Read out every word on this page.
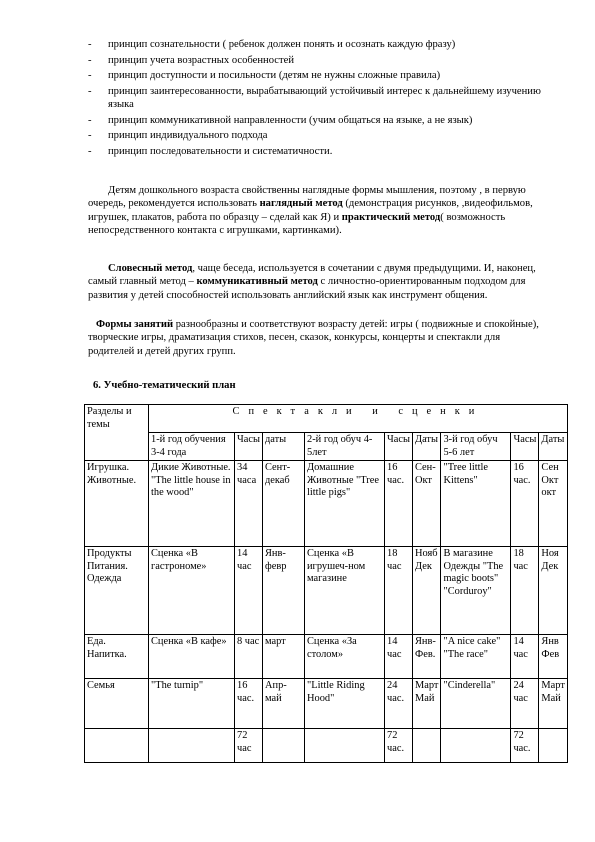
- принцип сознательности ( ребенок должен понять и осознать каждую фразу)
- принцип учета возрастных особенностей
- принцип доступности и посильности (детям не нужны сложные правила)
- принцип заинтересованности, вырабатывающий устойчивый интерес к дальнейшему изучению языка
- принцип коммуникативной направленности (учим общаться на языке, а не язык)
- принцип индивидуального подхода
- принцип последовательности и систематичности.

Детям дошкольного возраста свойственны наглядные формы мышления, поэтому , в первую очередь, рекомендуется использовать наглядный метод (демонстрация рисунков, ,видеофильмов, игрушек, плакатов, работа по образцу – сделай как Я) и практический метод( возможность непосредственного контакта с игрушками, картинками).

Словесный метод, чаще беседа, используется в сочетании с двумя предыдущими. И, наконец, самый главный метод – коммуникативный метод с личностно-ориентированным подходом для развития у детей способностей использовать английский язык как инструмент общения.

Формы занятий разнообразны и соответствуют возрасту детей: игры ( подвижные и спокойные), творческие игры, драматизация стихов, песен, сказок, конкурсы, концерты и спектакли для родителей и детей других групп.

6. Учебно-тематический план

Разделы и темы	Спектакли и сценки								
	1-й год обучения 3-4 года	Часы	даты	2-й год обуч 4-5лет	Часы	Даты	3-й год обуч 5-6 лет	Часы	Даты
Игрушка. Животные.	Дикие Животные. "The little house in the wood"	34 часа	Сент-декаб	Домашние Животные "Tree little pigs"	16 час.	Сен-Окт	"Tree little Kittens"	16 час.	Сен Окт окт
Продукты Питания. Одежда	Сценка «В гастрономе»	14 час	Янв-февр	Сценка «В игрушеч-ном магазине	18 час	Нояб Дек	В магазине Одежды "The magic boots" "Corduroy"	18 час	Ноя Дек
Еда. Напитка.	Сценка «В кафе»	8 час	март	Сценка «За столом»	14 час	Янв-Фев.	"A nice cake" "The race"	14 час	Янв Фев
Семья	"The turnip"	16 час.	Апр-май	"Little Riding Hood"	24 час.	Март Май	"Cinderella"	24 час	Март Май
		72 час			72 час.			72 час.	
